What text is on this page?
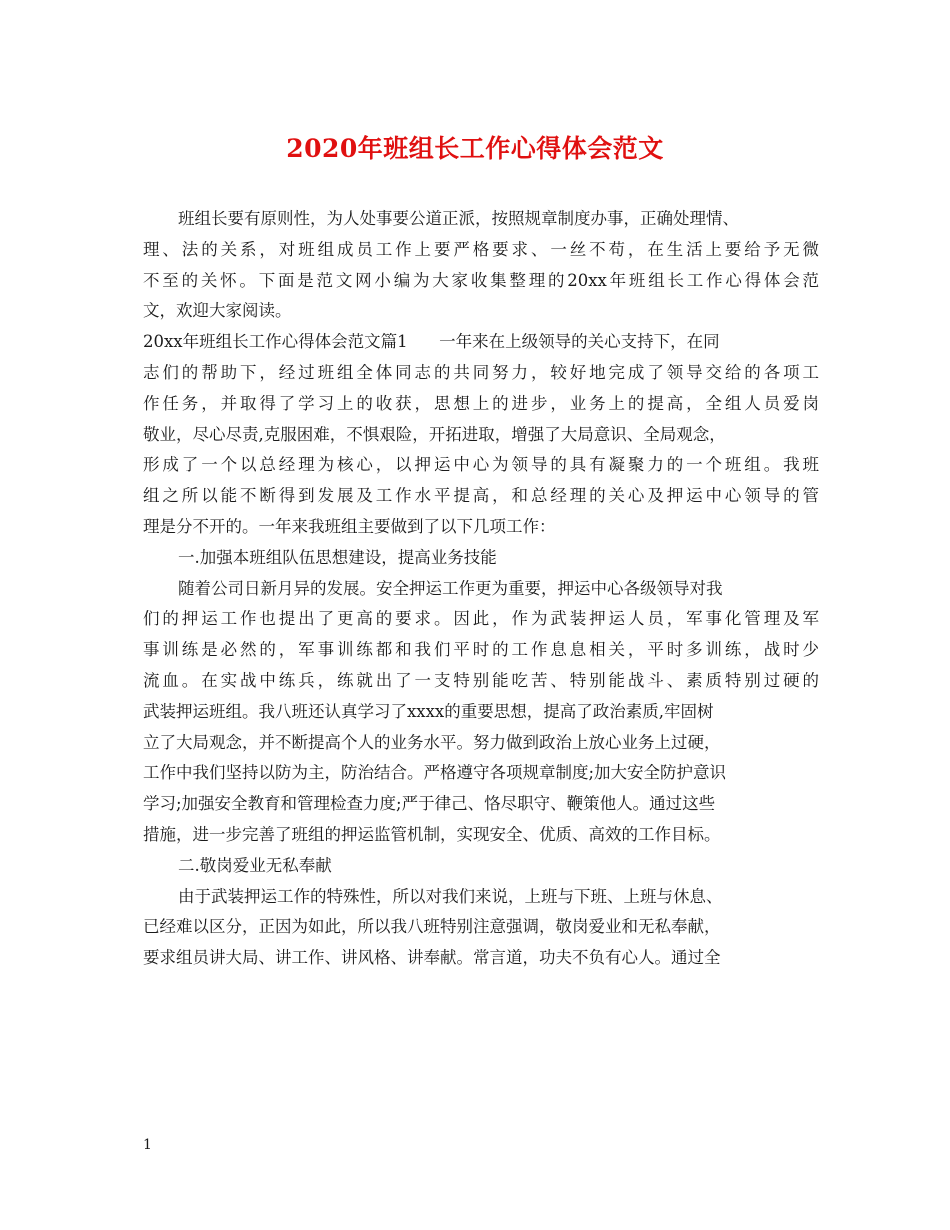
2020年班组长工作心得体会范文
班组长要有原则性，为人处事要公道正派，按照规章制度办事，正确处理情、
理、法的关系，对班组成员工作上要严格要求、一丝不苟，在生活上要给予无微
不至的关怀。下面是范文网小编为大家收集整理的20xx年班组长工作心得体会范
文，欢迎大家阅读。
20xx年班组长工作心得体会范文篇1      一年来在上级领导的关心支持下，在同
志们的帮助下，经过班组全体同志的共同努力，较好地完成了领导交给的各项工
作任务，并取得了学习上的收获，思想上的进步，业务上的提高，全组人员爱岗
敬业，尽心尽责,克服困难，不惧艰险，开拓进取，增强了大局意识、全局观念，
形成了一个以总经理为核心，以押运中心为领导的具有凝聚力的一个班组。我班
组之所以能不断得到发展及工作水平提高，和总经理的关心及押运中心领导的管
理是分不开的。一年来我班组主要做到了以下几项工作：
一.加强本班组队伍思想建设，提高业务技能
随着公司日新月异的发展。安全押运工作更为重要，押运中心各级领导对我
们的押运工作也提出了更高的要求。因此，作为武装押运人员，军事化管理及军
事训练是必然的，军事训练都和我们平时的工作息息相关，平时多训练，战时少
流血。在实战中练兵，练就出了一支特别能吃苦、特别能战斗、素质特别过硬的
武装押运班组。我八班还认真学习了xxxx的重要思想，提高了政治素质,牢固树
立了大局观念，并不断提高个人的业务水平。努力做到政治上放心业务上过硬，
工作中我们坚持以防为主，防治结合。严格遵守各项规章制度;加大安全防护意识
学习;加强安全教育和管理检查力度;严于律己、恪尽职守、鞭策他人。通过这些
措施，进一步完善了班组的押运监管机制，实现安全、优质、高效的工作目标。
二.敬岗爱业无私奉献
由于武装押运工作的特殊性，所以对我们来说，上班与下班、上班与休息、
已经难以区分，正因为如此，所以我八班特别注意强调，敬岗爱业和无私奉献，
要求组员讲大局、讲工作、讲风格、讲奉献。常言道，功夫不负有心人。通过全
1
